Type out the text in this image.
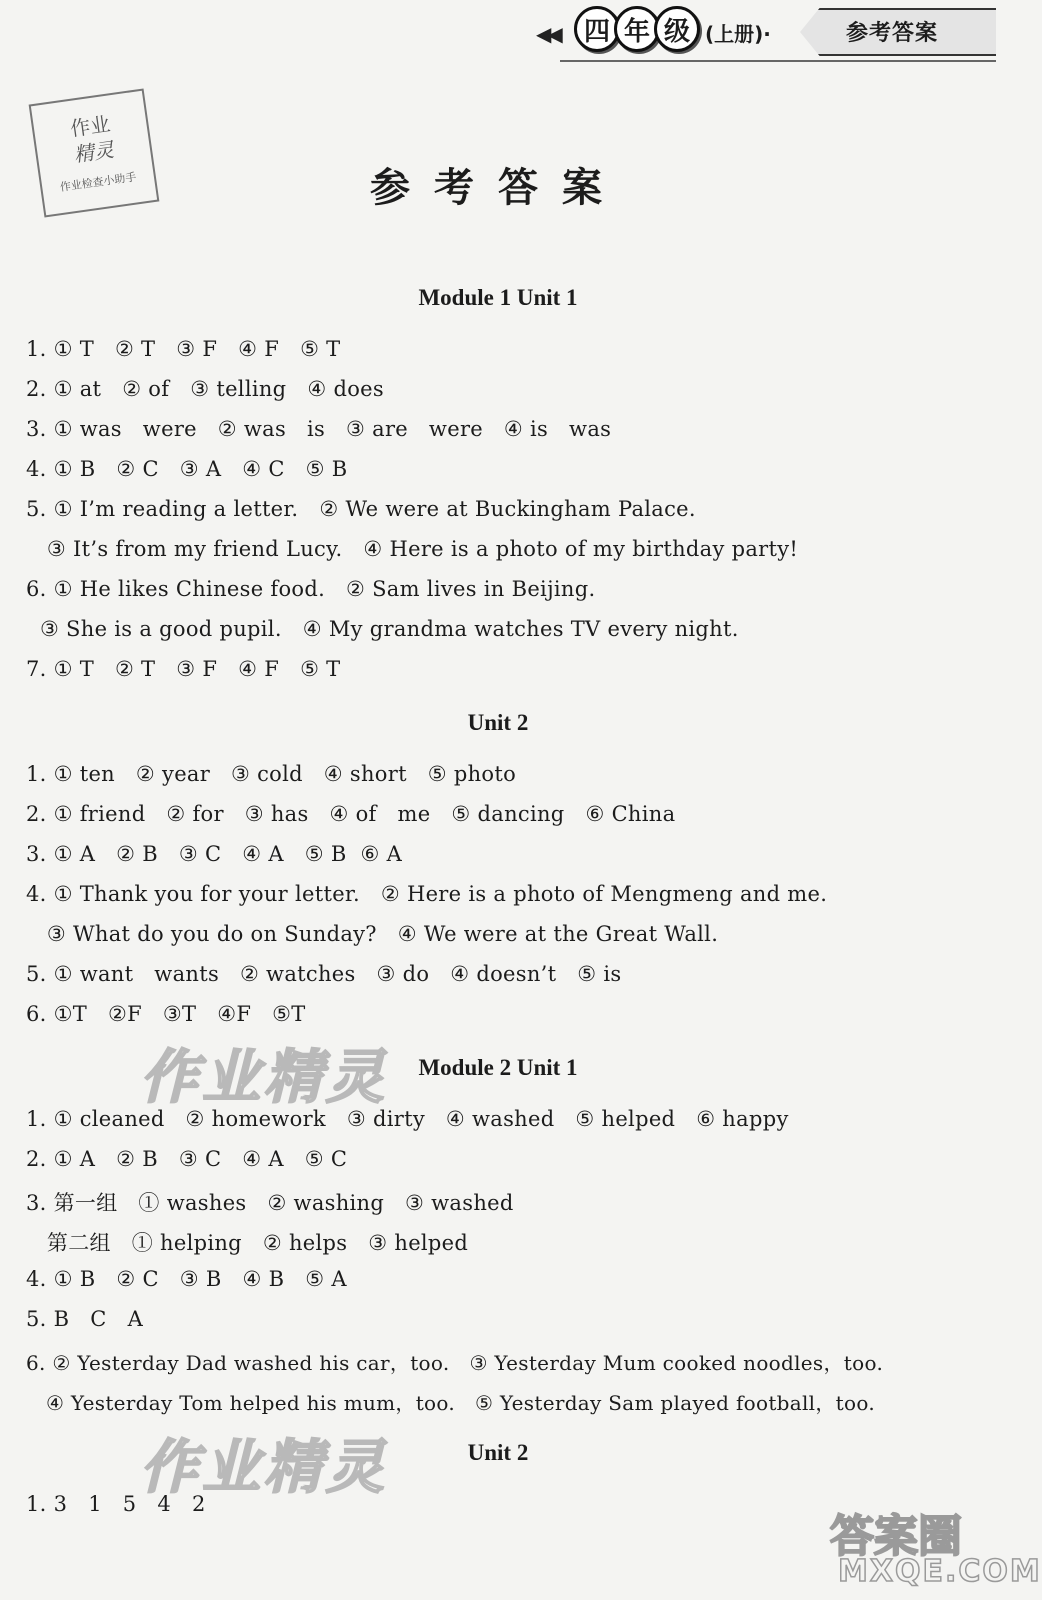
◀◀ 四 年 级 (上册)·	参考答案
作业
精灵
作业检查小助手	参考答案
Module 1 Unit 1
1. ① T   ② T   ③ F   ④ F   ⑤ T
2. ① at   ② of   ③ telling   ④ does
3. ① was   were   ② was   is   ③ are   were   ④ is   was
4. ① B   ② C   ③ A   ④ C   ⑤ B
5. ① I’m reading a letter.   ② We were at Buckingham Palace.
③ It’s from my friend Lucy.   ④ Here is a photo of my birthday party!
6. ① He likes Chinese food.   ② Sam lives in Beijing.
③ She is a good pupil.   ④ My grandma watches TV every night.
7. ① T   ② T   ③ F   ④ F   ⑤ T
Unit 2
1. ① ten   ② year   ③ cold   ④ short   ⑤ photo
2. ① friend   ② for   ③ has   ④ of   me   ⑤ dancing   ⑥ China
3. ① A   ② B   ③ C   ④ A   ⑤ B  ⑥ A
4. ① Thank you for your letter.   ② Here is a photo of Mengmeng and me.
③ What do you do on Sunday?   ④ We were at the Great Wall.
5. ① want   wants   ② watches   ③ do   ④ doesn’t   ⑤ is
6. ①T   ②F   ③T   ④F   ⑤T
Module 2 Unit 1
1. ① cleaned   ② homework   ③ dirty   ④ washed   ⑤ helped   ⑥ happy
2. ① A   ② B   ③ C   ④ A   ⑤ C
3. 第一组   ① washes   ② washing   ③ washed
第二组   ① helping   ② helps   ③ helped
4. ① B   ② C   ③ B   ④ B   ⑤ A
5. B   C   A
6. ② Yesterday Dad washed his car，too.   ③ Yesterday Mum cooked noodles，too.
④ Yesterday Tom helped his mum，too.   ⑤ Yesterday Sam played football，too.
Unit 2
1. 3   1   5   4   2
作业精灵
作业精灵
答案圈
MXQE.COM
